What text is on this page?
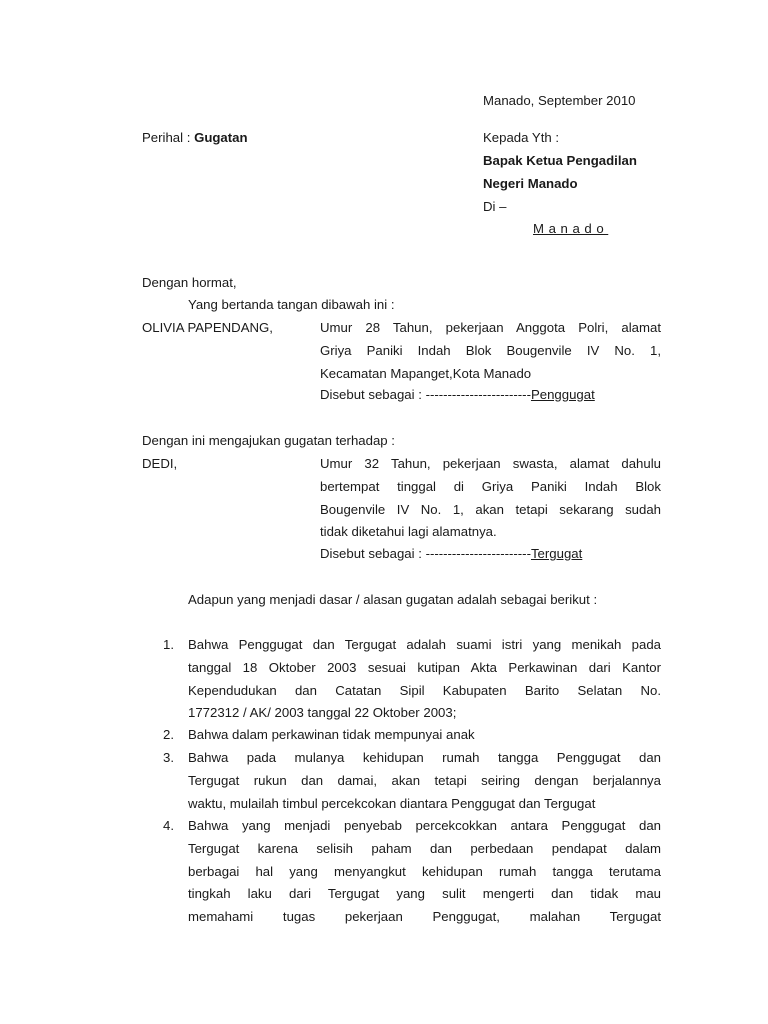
Manado, September 2010
Perihal : Gugatan	Kepada Yth :
Bapak Ketua Pengadilan
Negeri Manado
Di –
Manado
Dengan hormat,
Yang bertanda tangan dibawah ini :
OLIVIA PAPENDANG,	Umur 28 Tahun, pekerjaan Anggota Polri, alamat
Griya Paniki Indah Blok Bougenvile IV No. 1,
Kecamatan Mapanget,Kota Manado
Disebut sebagai : ------------------------Penggugat
Dengan ini mengajukan gugatan terhadap :
DEDI,	Umur 32 Tahun, pekerjaan swasta, alamat dahulu
bertempat tinggal di Griya Paniki Indah Blok
Bougenvile IV No. 1, akan tetapi sekarang sudah
tidak diketahui lagi alamatnya.
Disebut sebagai : ------------------------Tergugat
Adapun yang menjadi dasar / alasan gugatan adalah sebagai berikut :
1.	Bahwa Penggugat dan Tergugat adalah suami istri yang menikah pada
tanggal 18 Oktober 2003 sesuai kutipan Akta Perkawinan dari Kantor
Kependudukan dan Catatan Sipil Kabupaten Barito Selatan No.
1772312 / AK/ 2003 tanggal 22 Oktober 2003;
2.	Bahwa dalam perkawinan tidak mempunyai anak
3.	Bahwa pada mulanya kehidupan rumah tangga Penggugat dan
Tergugat rukun dan damai, akan tetapi seiring dengan berjalannya
waktu, mulailah timbul percekcokan diantara Penggugat dan Tergugat
4.	Bahwa yang menjadi penyebab percekcokkan antara Penggugat dan
Tergugat karena selisih paham dan perbedaan pendapat dalam
berbagai hal yang menyangkut kehidupan rumah tangga terutama
tingkah laku dari Tergugat yang sulit mengerti dan tidak mau
memahami tugas pekerjaan Penggugat, malahan Tergugat
